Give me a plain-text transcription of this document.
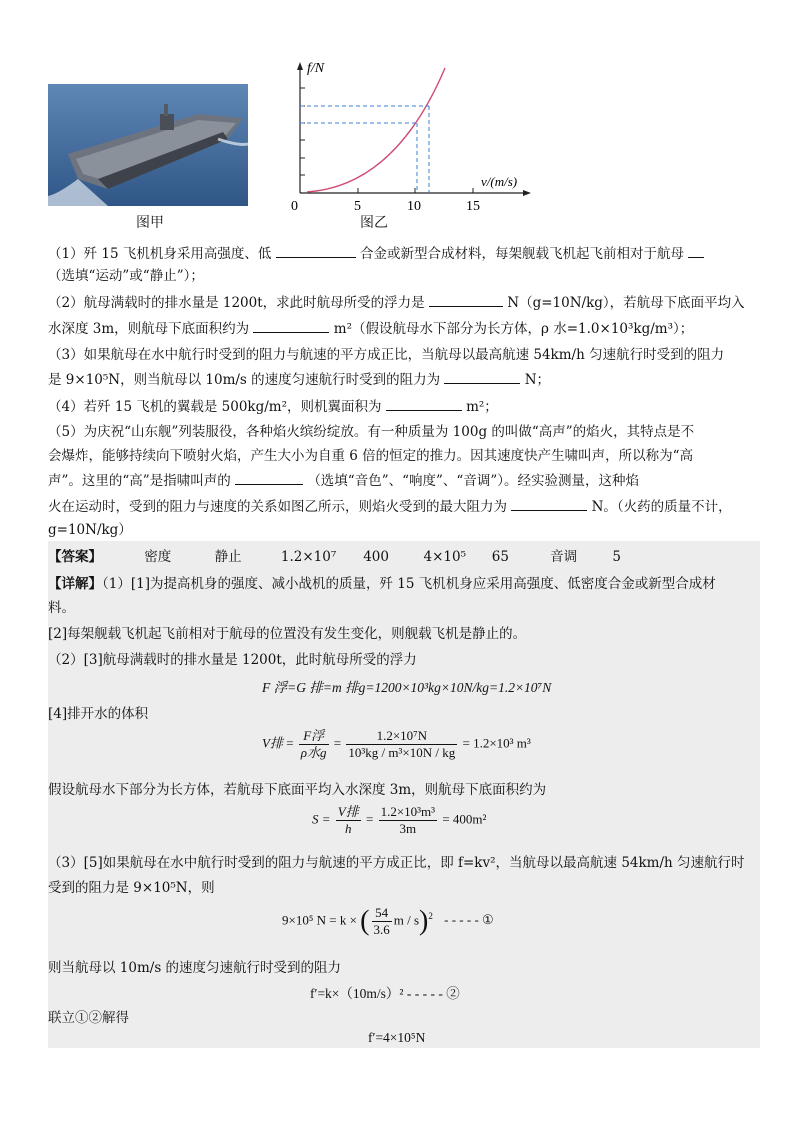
图甲
f/N
v/(m/s)
0	5	10	15
图乙
（1）歼 15 飞机机身采用高强度、低	合金或新型合成材料，每架舰载飞机起飞前相对于航母
（选填“运动”或“静止”）；
（2）航母满载时的排水量是 1200t，求此时航母所受的浮力是	N（g=10N/kg），若航母下底面平均入
水深度 3m，则航母下底面积约为	m²（假设航母水下部分为长方体，ρ 水=1.0×10³kg/m³）；
（3）如果航母在水中航行时受到的阻力与航速的平方成正比，当航母以最高航速 54km/h 匀速航行时受到的阻力
是 9×10⁵N，则当航母以 10m/s 的速度匀速航行时受到的阻力为	N；
（4）若歼 15 飞机的翼载是 500kg/m²，则机翼面积为	m²；
（5）为庆祝“山东舰”列装服役，各种焰火缤纷绽放。有一种质量为 100g 的叫做“高声”的焰火，其特点是不
会爆炸，能够持续向下喷射火焰，产生大小为自重 6 倍的恒定的推力。因其速度快产生啸叫声，所以称为“高
声”。这里的“高”是指啸叫声的	（选填“音色”、“响度”、“音调”）。经实验测量，这种焰
火在运动时，受到的阻力与速度的关系如图乙所示，则焰火受到的最大阻力为	N。（火药的质量不计，
g=10N/kg）
【答案】	密度	静止	1.2×10⁷ 400	4×10⁵ 65	音调	5
【详解】（1）[1]为提高机身的强度、减小战机的质量，歼 15 飞机机身应采用高强度、低密度合金或新型合成材
料。
[2]每架舰载飞机起飞前相对于航母的位置没有发生变化，则舰载飞机是静止的。
（2）[3]航母满载时的排水量是 1200t，此时航母所受的浮力
F 浮=G 排=m 排g=1200×10³kg×10N/kg=1.2×10⁷N
[4]排开水的体积
V排 = $\frac{\text{F浮}}{\text{ρ水g}} = \frac{\text{1.2×10⁷N}}{\text{10³kg / m³×10N / kg}} = 1.2\times 10^3$ m³
假设航母水下部分为长方体，若航母下底面平均入水深度 3m，则航母下底面积约为
$S = \frac{\text{V排}}{h} = \frac{\text{1.2×10³m³}}{3m} = 400m^2$
（3）[5]如果航母在水中航行时受到的阻力与航速的平方成正比，即 f=kv²，当航母以最高航速 54km/h 匀速航行时
受到的阻力是 9×10⁵N，则
9×10⁵ N = k × ( $\frac{54}{3.6}$ m / s)$^2$ - - - - - ①
则当航母以 10m/s 的速度匀速航行时受到的阻力
f′=k×（10m/s）² - - - - - ②
联立①②解得
f′=4×10⁵N
